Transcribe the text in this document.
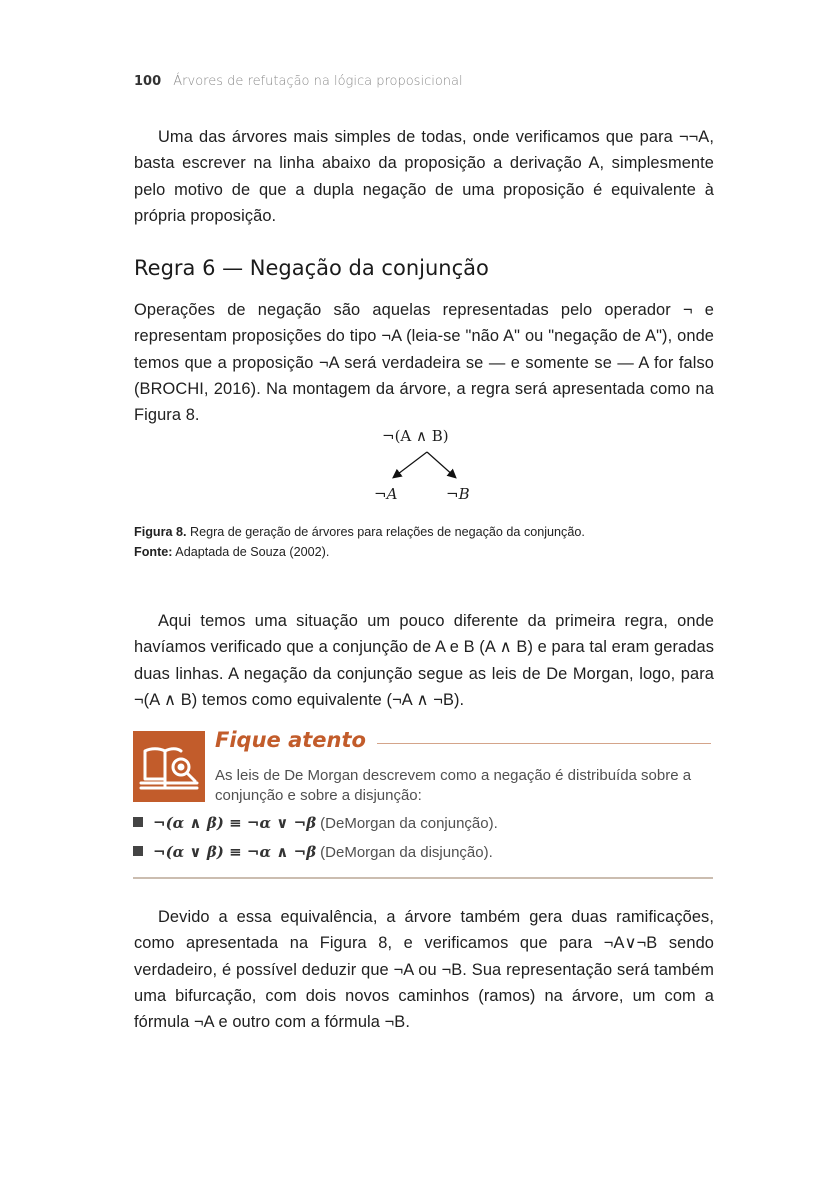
100 Árvores de refutação na lógica proposicional

Uma das árvores mais simples de todas, onde verificamos que para ¬¬A, basta escrever na linha abaixo da proposição a derivação A, simplesmente pelo motivo de que a dupla negação de uma proposição é equivalente à própria proposição.

Regra 6 — Negação da conjunção

Operações de negação são aquelas representadas pelo operador ¬ e representam proposições do tipo ¬A (leia-se "não A" ou "negação de A"), onde temos que a proposição ¬A será verdadeira se — e somente se — A for falso (BROCHI, 2016). Na montagem da árvore, a regra será apresentada como na Figura 8.

¬(A ∧ B)
¬A	¬B
Figura 8. Regra de geração de árvores para relações de negação da conjunção.
Fonte: Adaptada de Souza (2002).

Aqui temos uma situação um pouco diferente da primeira regra, onde havíamos verificado que a conjunção de A e B (A ∧ B) e para tal eram geradas duas linhas. A negação da conjunção segue as leis de De Morgan, logo, para ¬(A ∧ B) temos como equivalente (¬A ∧ ¬B).

Fique atento
As leis de De Morgan descrevem como a negação é distribuída sobre a conjunção e sobre a disjunção:
¬(α ∧ β) ≡ ¬α ∨ ¬β (DeMorgan da conjunção).
¬(α ∨ β) ≡ ¬α ∧ ¬β (DeMorgan da disjunção).

Devido a essa equivalência, a árvore também gera duas ramificações, como apresentada na Figura 8, e verificamos que para ¬A∨¬B sendo verdadeiro, é possível deduzir que ¬A ou ¬B. Sua representação será também uma bifurcação, com dois novos caminhos (ramos) na árvore, um com a fórmula ¬A e outro com a fórmula ¬B.
